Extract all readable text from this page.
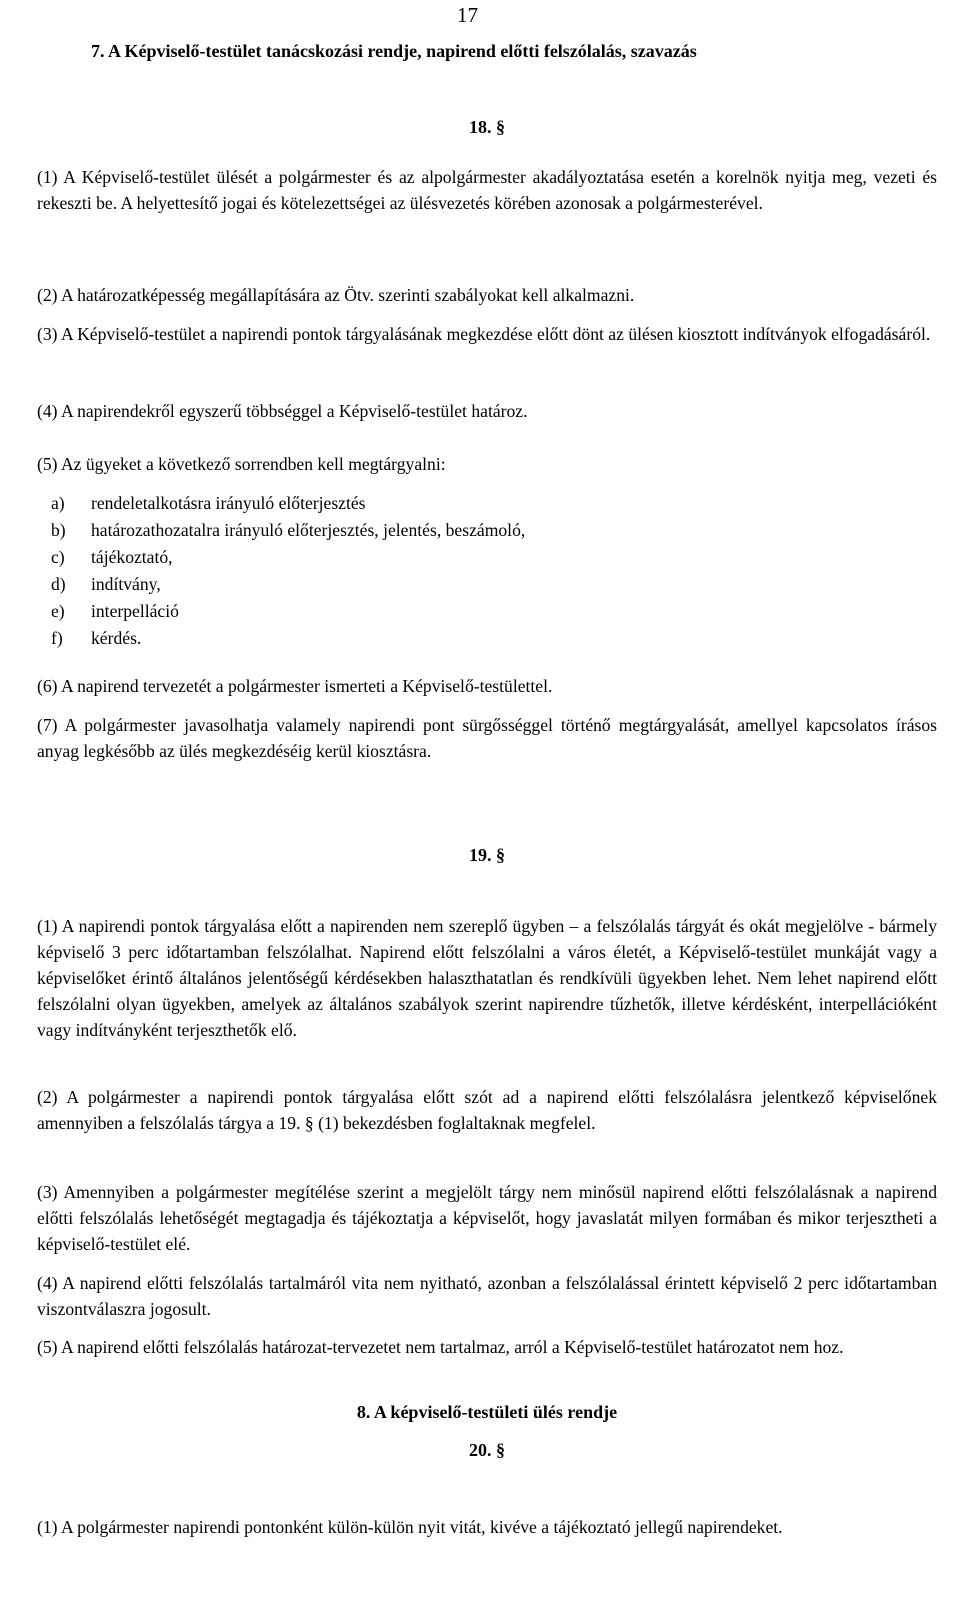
17
7. A Képviselő-testület tanácskozási rendje, napirend előtti felszólalás, szavazás
18. §
(1) A Képviselő-testület ülését a polgármester és az alpolgármester akadályoztatása esetén a korelnök nyitja meg, vezeti és rekeszti be. A helyettesítő jogai és kötelezettségei az ülésvezetés körében azonosak a polgármesterével.
(2) A határozatképesség megállapítására az Ötv. szerinti szabályokat kell alkalmazni.
(3) A Képviselő-testület a napirendi pontok tárgyalásának megkezdése előtt dönt az ülésen kiosztott indítványok elfogadásáról.
(4) A napirendekről egyszerű többséggel a Képviselő-testület határoz.
(5) Az ügyeket a következő sorrendben kell megtárgyalni:
a) rendeletalkotásra irányuló előterjesztés
b) határozathozatalra irányuló előterjesztés, jelentés, beszámoló,
c) tájékoztató,
d) indítvány,
e) interpelláció
f) kérdés.
(6) A napirend tervezetét a polgármester ismerteti a Képviselő-testülettel.
(7) A polgármester javasolhatja valamely napirendi pont sürgősséggel történő megtárgyalását, amellyel kapcsolatos írásos anyag legkésőbb az ülés megkezdéséig kerül kiosztásra.
19. §
(1) A napirendi pontok tárgyalása előtt a napirenden nem szereplő ügyben – a felszólalás tárgyát és okát megjelölve - bármely képviselő 3 perc időtartamban felszólalhat. Napirend előtt felszólalni a város életét, a Képviselő-testület munkáját vagy a képviselőket érintő általános jelentőségű kérdésekben halaszthatatlan és rendkívüli ügyekben lehet. Nem lehet napirend előtt felszólalni olyan ügyekben, amelyek az általános szabályok szerint napirendre tűzhetők, illetve kérdésként, interpellációként vagy indítványként terjeszthetők elő.
(2) A polgármester a napirendi pontok tárgyalása előtt szót ad a napirend előtti felszólalásra jelentkező képviselőnek amennyiben a felszólalás tárgya a 19. § (1) bekezdésben foglaltaknak megfelel.
(3) Amennyiben a polgármester megítélése szerint a megjelölt tárgy nem minősül napirend előtti felszólalásnak a napirend előtti felszólalás lehetőségét megtagadja és tájékoztatja a képviselőt, hogy javaslatát milyen formában és mikor terjesztheti a képviselő-testület elé.
(4) A napirend előtti felszólalás tartalmáról vita nem nyitható, azonban a felszólalással érintett képviselő 2 perc időtartamban viszontválaszra jogosult.
(5) A napirend előtti felszólalás határozat-tervezetet nem tartalmaz, arról a Képviselő-testület határozatot nem hoz.
8. A képviselő-testületi ülés rendje
20. §
(1) A polgármester napirendi pontonként külön-külön nyit vitát, kivéve a tájékoztató jellegű napirendeket.
